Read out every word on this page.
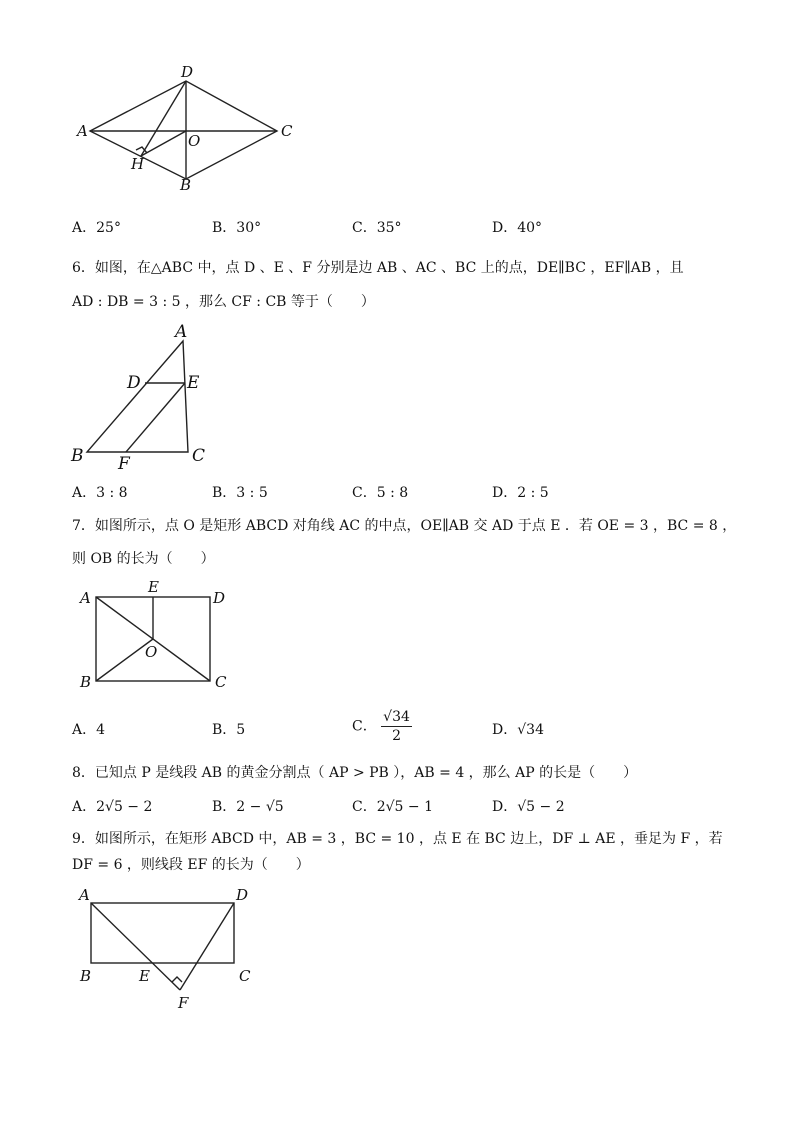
A
D
C
O
H
B
A．25°	B．30°	C．35°	D．40°
6．如图，在△ABC 中，点 D 、E 、F 分别是边 AB 、AC 、BC 上的点，DE∥BC ，EF∥AB ，且
AD : DB = 3 : 5 ，那么 CF : CB 等于（　　）
A
D	E
B F	C
A．3 : 8	B．3 : 5	C．5 : 8	D．2 : 5
7．如图所示，点 O 是矩形 ABCD 对角线 AC 的中点，OE∥AB 交 AD 于点 E ．若 OE = 3 ，BC = 8 ，
则 OB 的长为（　　）
A
E
D
O
B	C
A．4	B．5	C． $\frac{√34}{2}$	D．√34
8．已知点 P 是线段 AB 的黄金分割点（ AP > PB ），AB = 4 ，那么 AP 的长是（　　）
A．2√5 − 2	B．2 − √5	C．2√5 − 1	D．√5 − 2
9．如图所示，在矩形 ABCD 中，AB = 3 ，BC = 10 ，点 E 在 BC 边上，DF ⊥ AE ，垂足为 F ，若
DF = 6 ，则线段 EF 的长为（　　）
A	D
B	E	C
F
